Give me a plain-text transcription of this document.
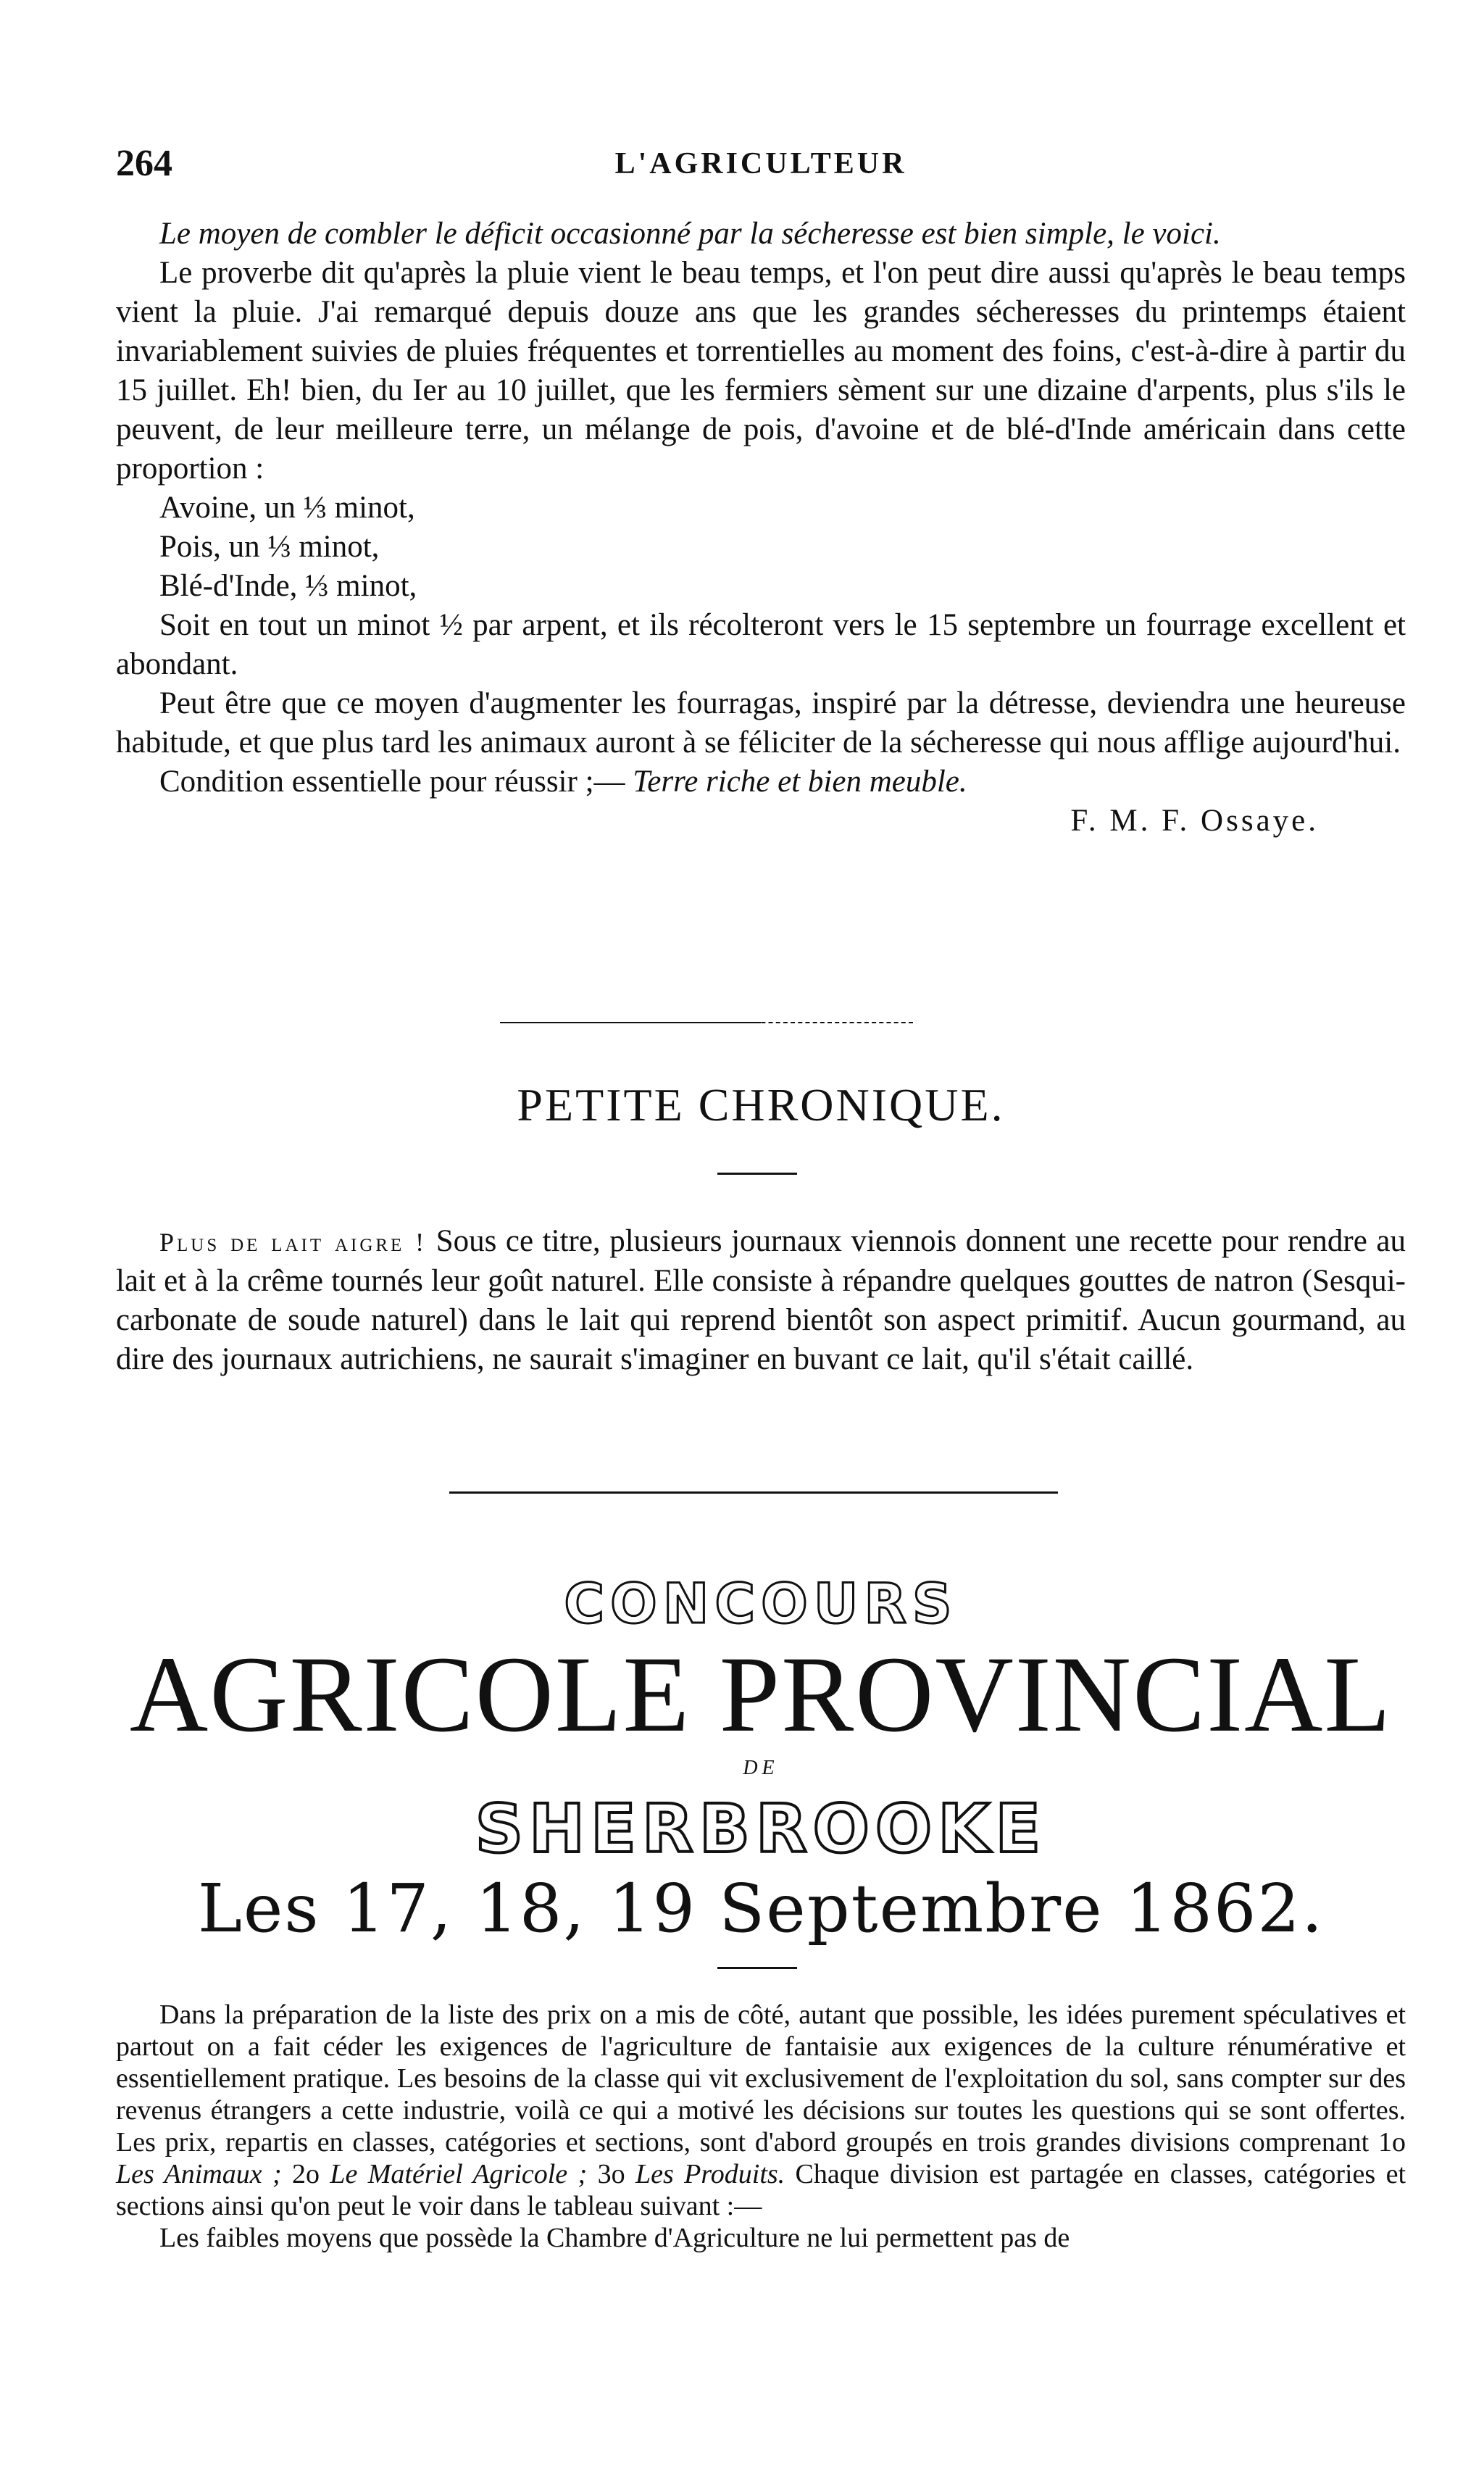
264	L'AGRICULTEUR

Le moyen de combler le déficit occasionné par la sécheresse est bien simple, le voici.

Le proverbe dit qu'après la pluie vient le beau temps, et l'on peut dire aussi qu'après le beau temps vient la pluie. J'ai remarqué depuis douze ans que les grandes sécheresses du printemps étaient invariablement suivies de pluies fréquentes et torrentielles au moment des foins, c'est-à-dire à partir du 15 juillet. Eh! bien, du Ier au 10 juillet, que les fermiers sèment sur une dizaine d'arpents, plus s'ils le peuvent, de leur meilleure terre, un mélange de pois, d'avoine et de blé-d'Inde américain dans cette proportion :

Avoine, un ⅓ minot,
Pois, un ⅓ minot,
Blé-d'Inde, ⅓ minot,

Soit en tout un minot ½ par arpent, et ils récolteront vers le 15 septembre un fourrage excellent et abondant.

Peut être que ce moyen d'augmenter les fourragas, inspiré par la détresse, deviendra une heureuse habitude, et que plus tard les animaux auront à se féliciter de la sécheresse qui nous afflige aujourd'hui.

Condition essentielle pour réussir ;— Terre riche et bien meuble.

F. M. F. Ossaye.
PETITE CHRONIQUE.

Plus de lait aigre ! Sous ce titre, plusieurs journaux viennois donnent une recette pour rendre au lait et à la crême tournés leur goût naturel. Elle consiste à répandre quelques gouttes de natron (Sesqui-carbonate de soude naturel) dans le lait qui reprend bientôt son aspect primitif. Aucun gourmand, au dire des journaux autrichiens, ne saurait s'imaginer en buvant ce lait, qu'il s'était caillé.

CONCOURS
AGRICOLE PROVINCIAL
DE
SHERBROOKE
Les 17, 18, 19 Septembre 1862.

Dans la préparation de la liste des prix on a mis de côté, autant que possible, les idées purement spéculatives et partout on a fait céder les exigences de l'agriculture de fantaisie aux exigences de la culture rénumérative et essentiellement pratique. Les besoins de la classe qui vit exclusivement de l'exploitation du sol, sans compter sur des revenus étrangers a cette industrie, voilà ce qui a motivé les décisions sur toutes les questions qui se sont offertes. Les prix, repartis en classes, catégories et sections, sont d'abord groupés en trois grandes divisions comprenant 1o Les Animaux ; 2o Le Matériel Agricole ; 3o Les Produits. Chaque division est partagée en classes, catégories et sections ainsi qu'on peut le voir dans le tableau suivant :—

Les faibles moyens que possède la Chambre d'Agriculture ne lui permettent pas de
